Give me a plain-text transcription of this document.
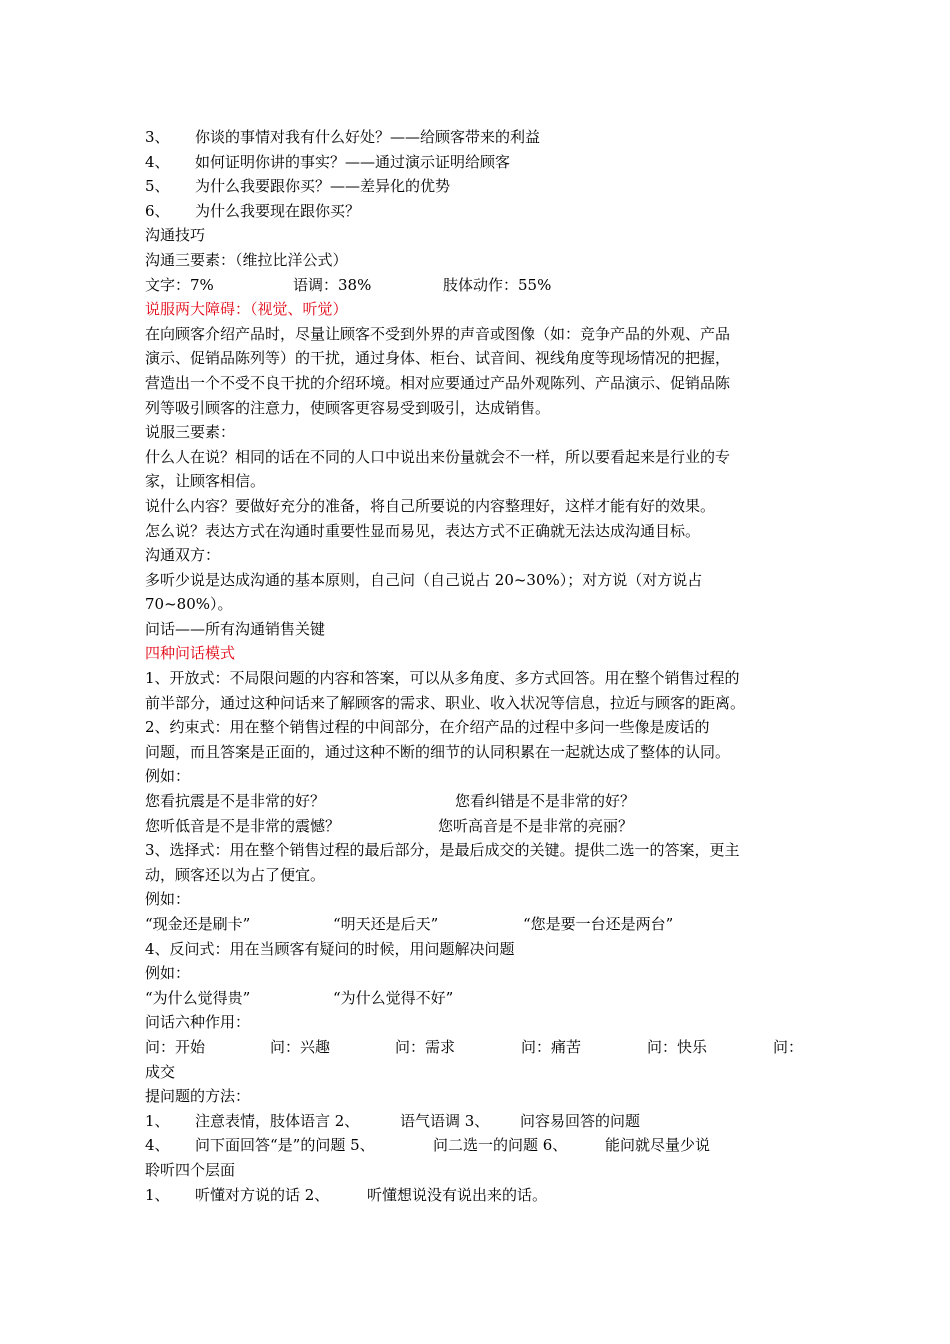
3、 你谈的事情对我有什么好处？——给顾客带来的利益
4、 如何证明你讲的事实？——通过演示证明给顾客
5、 为什么我要跟你买？——差异化的优势
6、 为什么我要现在跟你买？
沟通技巧
沟通三要素：（维拉比洋公式）
文字：7%	语调：38%	肢体动作：55%
说服两大障碍：（视觉、听觉）
在向顾客介绍产品时，尽量让顾客不受到外界的声音或图像（如：竞争产品的外观、产品
演示、促销品陈列等）的干扰，通过身体、柜台、试音间、视线角度等现场情况的把握，
营造出一个不受不良干扰的介绍环境。相对应要通过产品外观陈列、产品演示、促销品陈
列等吸引顾客的注意力，使顾客更容易受到吸引，达成销售。
说服三要素：
什么人在说？相同的话在不同的人口中说出来份量就会不一样，所以要看起来是行业的专
家，让顾客相信。
说什么内容？要做好充分的准备，将自己所要说的内容整理好，这样才能有好的效果。
怎么说？表达方式在沟通时重要性显而易见，表达方式不正确就无法达成沟通目标。
沟通双方：
多听少说是达成沟通的基本原则，自己问（自己说占 20~30%）；对方说（对方说占
70~80%）。
问话——所有沟通销售关键
四种问话模式
1、开放式：不局限问题的内容和答案，可以从多角度、多方式回答。用在整个销售过程的
前半部分，通过这种问话来了解顾客的需求、职业、收入状况等信息，拉近与顾客的距离。
2、约束式：用在整个销售过程的中间部分，在介绍产品的过程中多问一些像是废话的
问题，而且答案是正面的，通过这种不断的细节的认同积累在一起就达成了整体的认同。
例如：
您看抗震是不是非常的好？	您看纠错是不是非常的好？
您听低音是不是非常的震憾？	您听高音是不是非常的亮丽？
3、选择式：用在整个销售过程的最后部分，是最后成交的关键。提供二选一的答案，更主
动，顾客还以为占了便宜。
例如：
“现金还是刷卡”	“明天还是后天”	“您是要一台还是两台”
4、反问式：用在当顾客有疑问的时候，用问题解决问题
例如：
“为什么觉得贵”	“为什么觉得不好”
问话六种作用：
问：开始	问：兴趣	问：需求	问：痛苦	问：快乐	问：
成交
提问题的方法：
1、 注意表情，肢体语言 2、	语气语调 3、 问容易回答的问题
4、 问下面回答“是”的问题 5、	问二选一的问题 6、	能问就尽量少说
聆听四个层面
1、 听懂对方说的话 2、	听懂想说没有说出来的话。
